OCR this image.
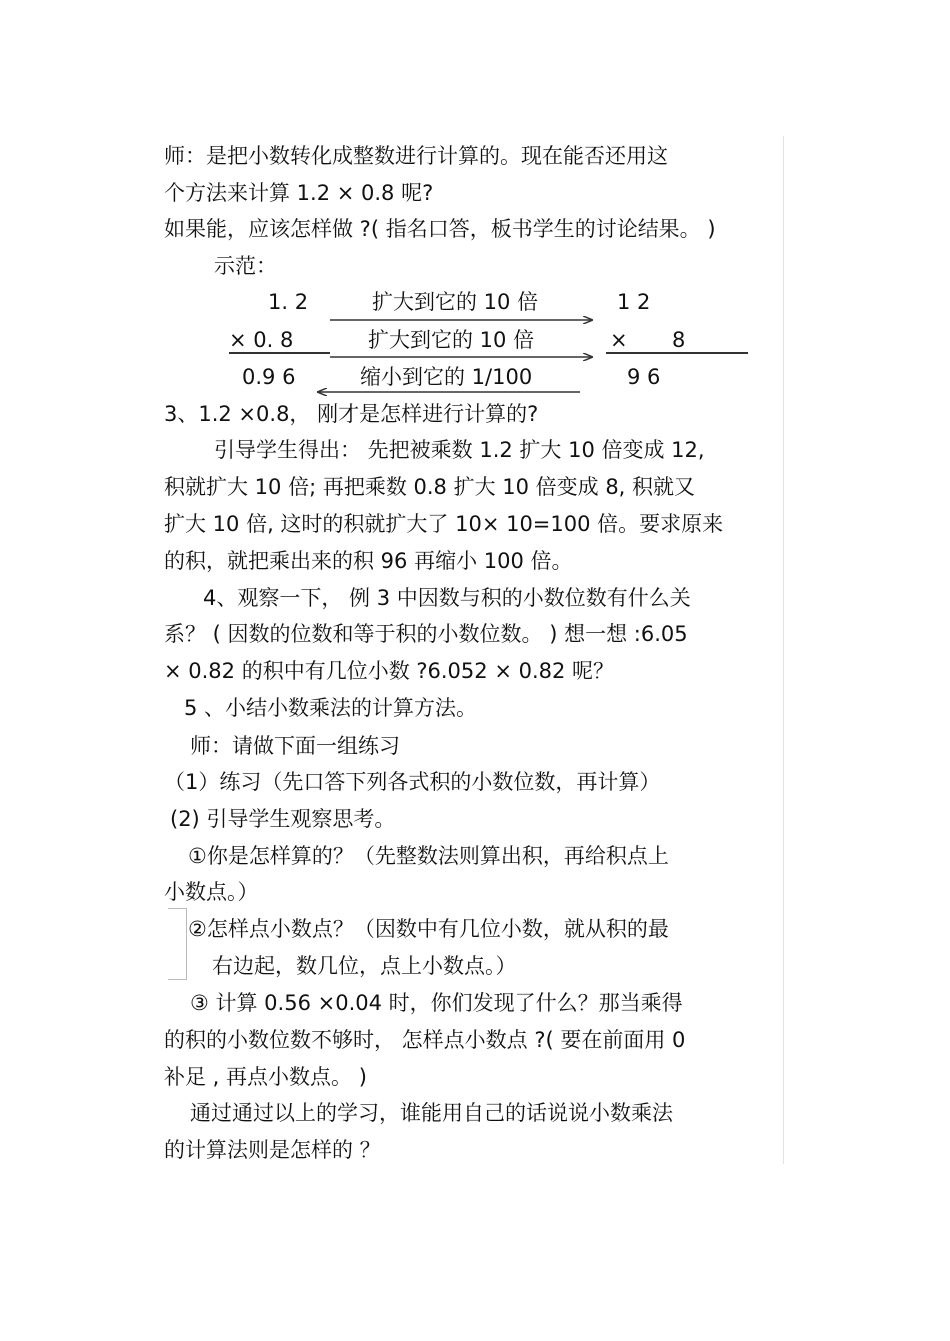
师：是把小数转化成整数进行计算的。现在能否还用这
个方法来计算 1.2 × 0.8 呢?
如果能，应该怎样做 ?( 指名口答，板书学生的讨论结果。 )
示范：
1. 2	扩大到它的 10 倍	1 2
× 0. 8	扩大到它的 10 倍	× 8
0.9 6	缩小到它的 1/100	9 6
3、1.2 ×0.8， 刚才是怎样进行计算的?
引导学生得出： 先把被乘数 1.2 扩大 10 倍变成 12,
积就扩大 10 倍; 再把乘数 0.8 扩大 10 倍变成 8, 积就又
扩大 10 倍, 这时的积就扩大了 10× 10=100 倍。要求原来
的积，就把乘出来的积 96 再缩小 100 倍。
4、观察一下， 例 3 中因数与积的小数位数有什么关
系？ ( 因数的位数和等于积的小数位数。 ) 想一想 :6.05
× 0.82 的积中有几位小数 ?6.052 × 0.82 呢？
5 、小结小数乘法的计算方法。
师：请做下面一组练习
（1）练习（先口答下列各式积的小数位数，再计算）
(2) 引导学生观察思考。
①你是怎样算的？（先整数法则算出积，再给积点上
小数点。）
②怎样点小数点？（因数中有几位小数，就从积的最
右边起，数几位，点上小数点。）
③ 计算 0.56 ×0.04 时，你们发现了什么？那当乘得
的积的小数位数不够时， 怎样点小数点 ?( 要在前面用 0
补足 , 再点小数点。 )
通过通过以上的学习，谁能用自己的话说说小数乘法
的计算法则是怎样的 ？
